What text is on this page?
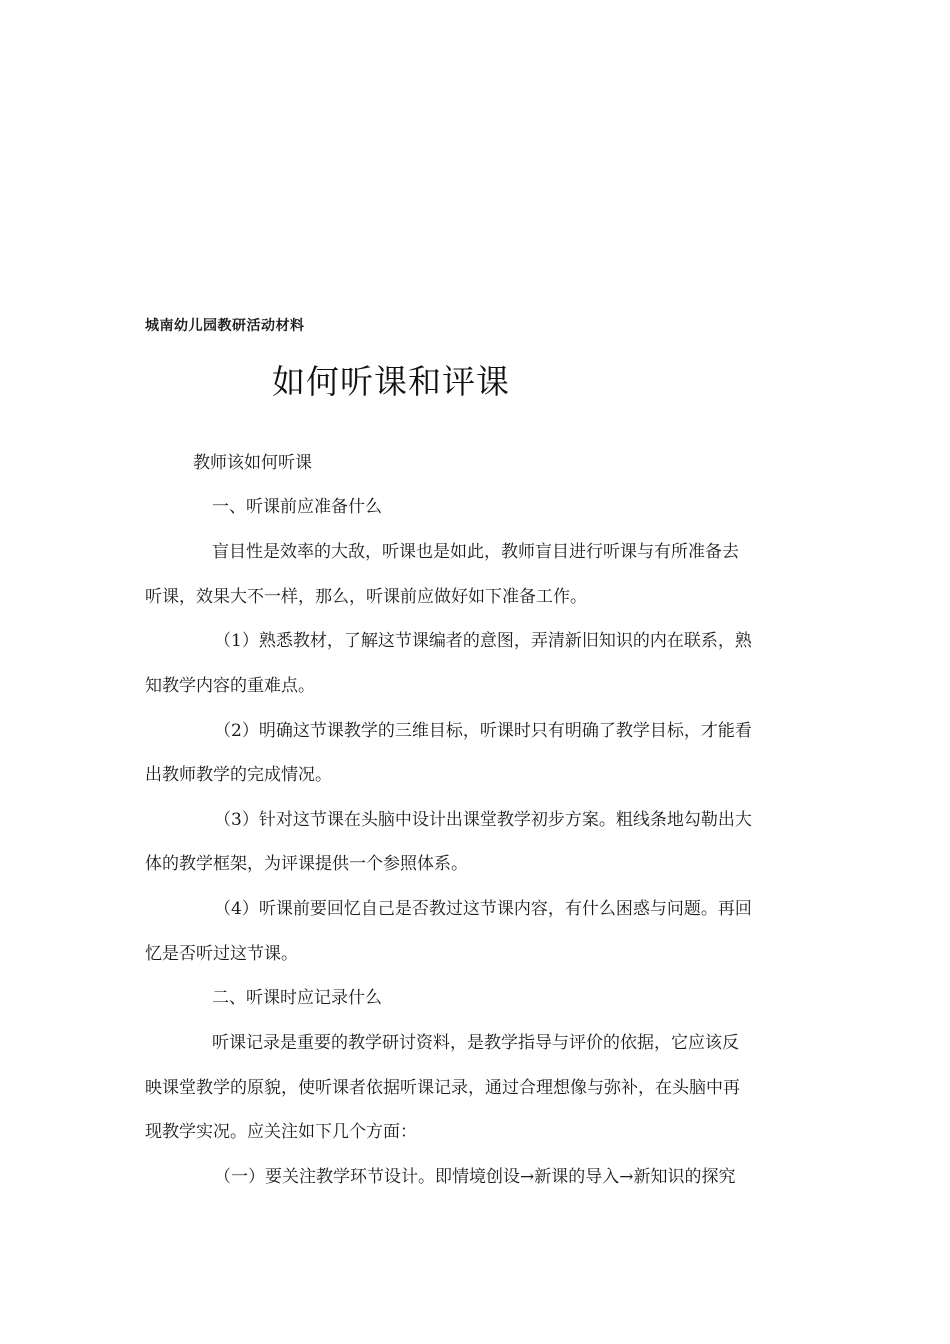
城南幼儿园教研活动材料
如何听课和评课
教师该如何听课
一、听课前应准备什么
盲目性是效率的大敌，听课也是如此，教师盲目进行听课与有所准备去
听课，效果大不一样，那么，听课前应做好如下准备工作。
（1）熟悉教材，了解这节课编者的意图，弄清新旧知识的内在联系，熟
知教学内容的重难点。
（2）明确这节课教学的三维目标，听课时只有明确了教学目标，才能看
出教师教学的完成情况。
（3）针对这节课在头脑中设计出课堂教学初步方案。粗线条地勾勒出大
体的教学框架，为评课提供一个参照体系。
（4）听课前要回忆自己是否教过这节课内容，有什么困惑与问题。再回
忆是否听过这节课。
二、听课时应记录什么
听课记录是重要的教学研讨资料，是教学指导与评价的依据，它应该反
映课堂教学的原貌，使听课者依据听课记录，通过合理想像与弥补，在头脑中再
现教学实况。应关注如下几个方面：
（一）要关注教学环节设计。即情境创设→新课的导入→新知识的探究
